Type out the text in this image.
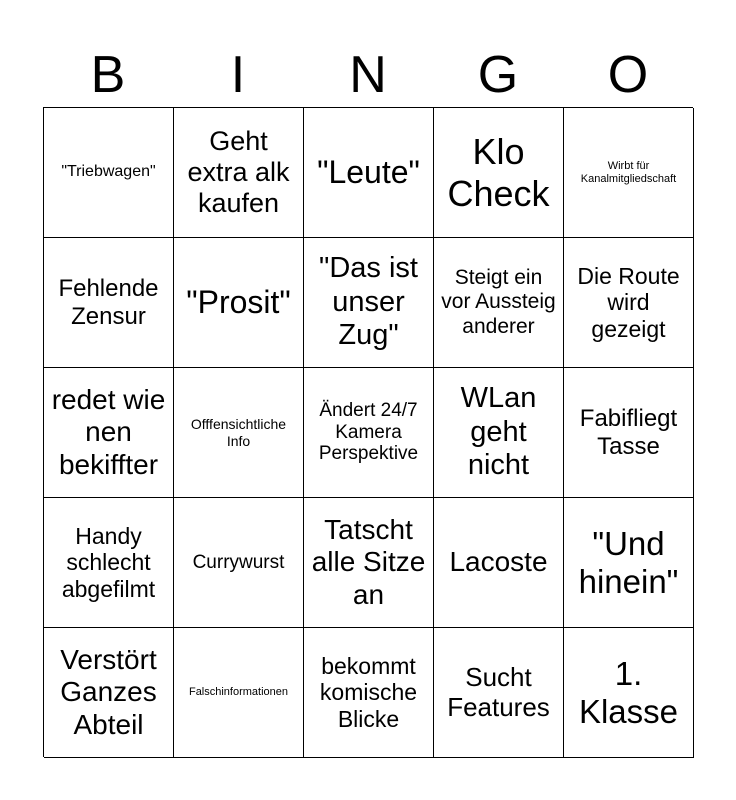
B	I	N	G	O
"Triebwagen"
Geht extra alk kaufen
"Leute"	Klo Check
Wirbt für Kanalmitgliedschaft
Fehlende Zensur	"Prosit"
"Das ist unser Zug"
Steigt ein vor Aussteig anderer
Die Route wird gezeigt
redet wie nen bekiffter
Offfensichtliche Info
Ändert 24/7 Kamera Perspektive
WLan geht nicht
Fabifliegt Tasse
Handy schlecht abgefilmt
Currywurst
Tatscht alle Sitze an
Lacoste
"Und hinein"
Verstört Ganzes Abteil
Falschinformationen
bekommt komische Blicke
Sucht Features
1. Klasse
